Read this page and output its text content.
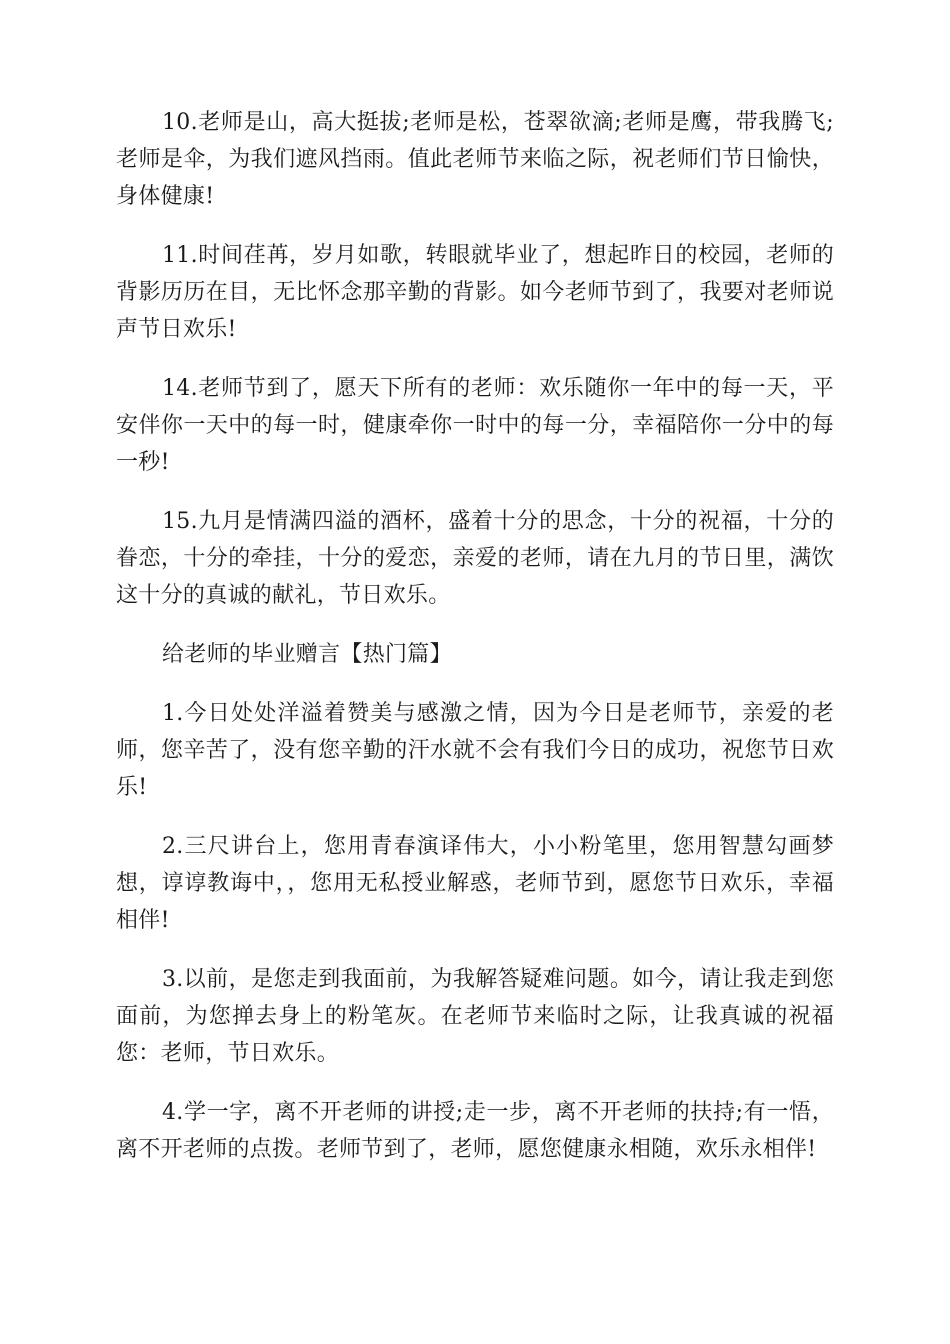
10.老师是山，高大挺拔;老师是松，苍翠欲滴;老师是鹰，带我腾飞;老师是伞，为我们遮风挡雨。值此老师节来临之际，祝老师们节日愉快，身体健康!

11.时间荏苒，岁月如歌，转眼就毕业了，想起昨日的校园，老师的背影历历在目，无比怀念那辛勤的背影。如今老师节到了，我要对老师说声节日欢乐!

14.老师节到了，愿天下所有的老师：欢乐随你一年中的每一天，平安伴你一天中的每一时，健康牵你一时中的每一分，幸福陪你一分中的每一秒!

15.九月是情满四溢的酒杯，盛着十分的思念，十分的祝福，十分的眷恋，十分的牵挂，十分的爱恋，亲爱的老师，请在九月的节日里，满饮这十分的真诚的献礼，节日欢乐。

给老师的毕业赠言【热门篇】

1.今日处处洋溢着赞美与感激之情，因为今日是老师节，亲爱的老师，您辛苦了，没有您辛勤的汗水就不会有我们今日的成功，祝您节日欢乐!

2.三尺讲台上，您用青春演译伟大，小小粉笔里，您用智慧勾画梦想，谆谆教诲中，，您用无私授业解惑，老师节到，愿您节日欢乐，幸福相伴!

3.以前，是您走到我面前，为我解答疑难问题。如今，请让我走到您面前，为您掸去身上的粉笔灰。在老师节来临时之际，让我真诚的祝福您：老师，节日欢乐。

4.学一字，离不开老师的讲授;走一步，离不开老师的扶持;有一悟，离不开老师的点拨。老师节到了，老师，愿您健康永相随，欢乐永相伴!
